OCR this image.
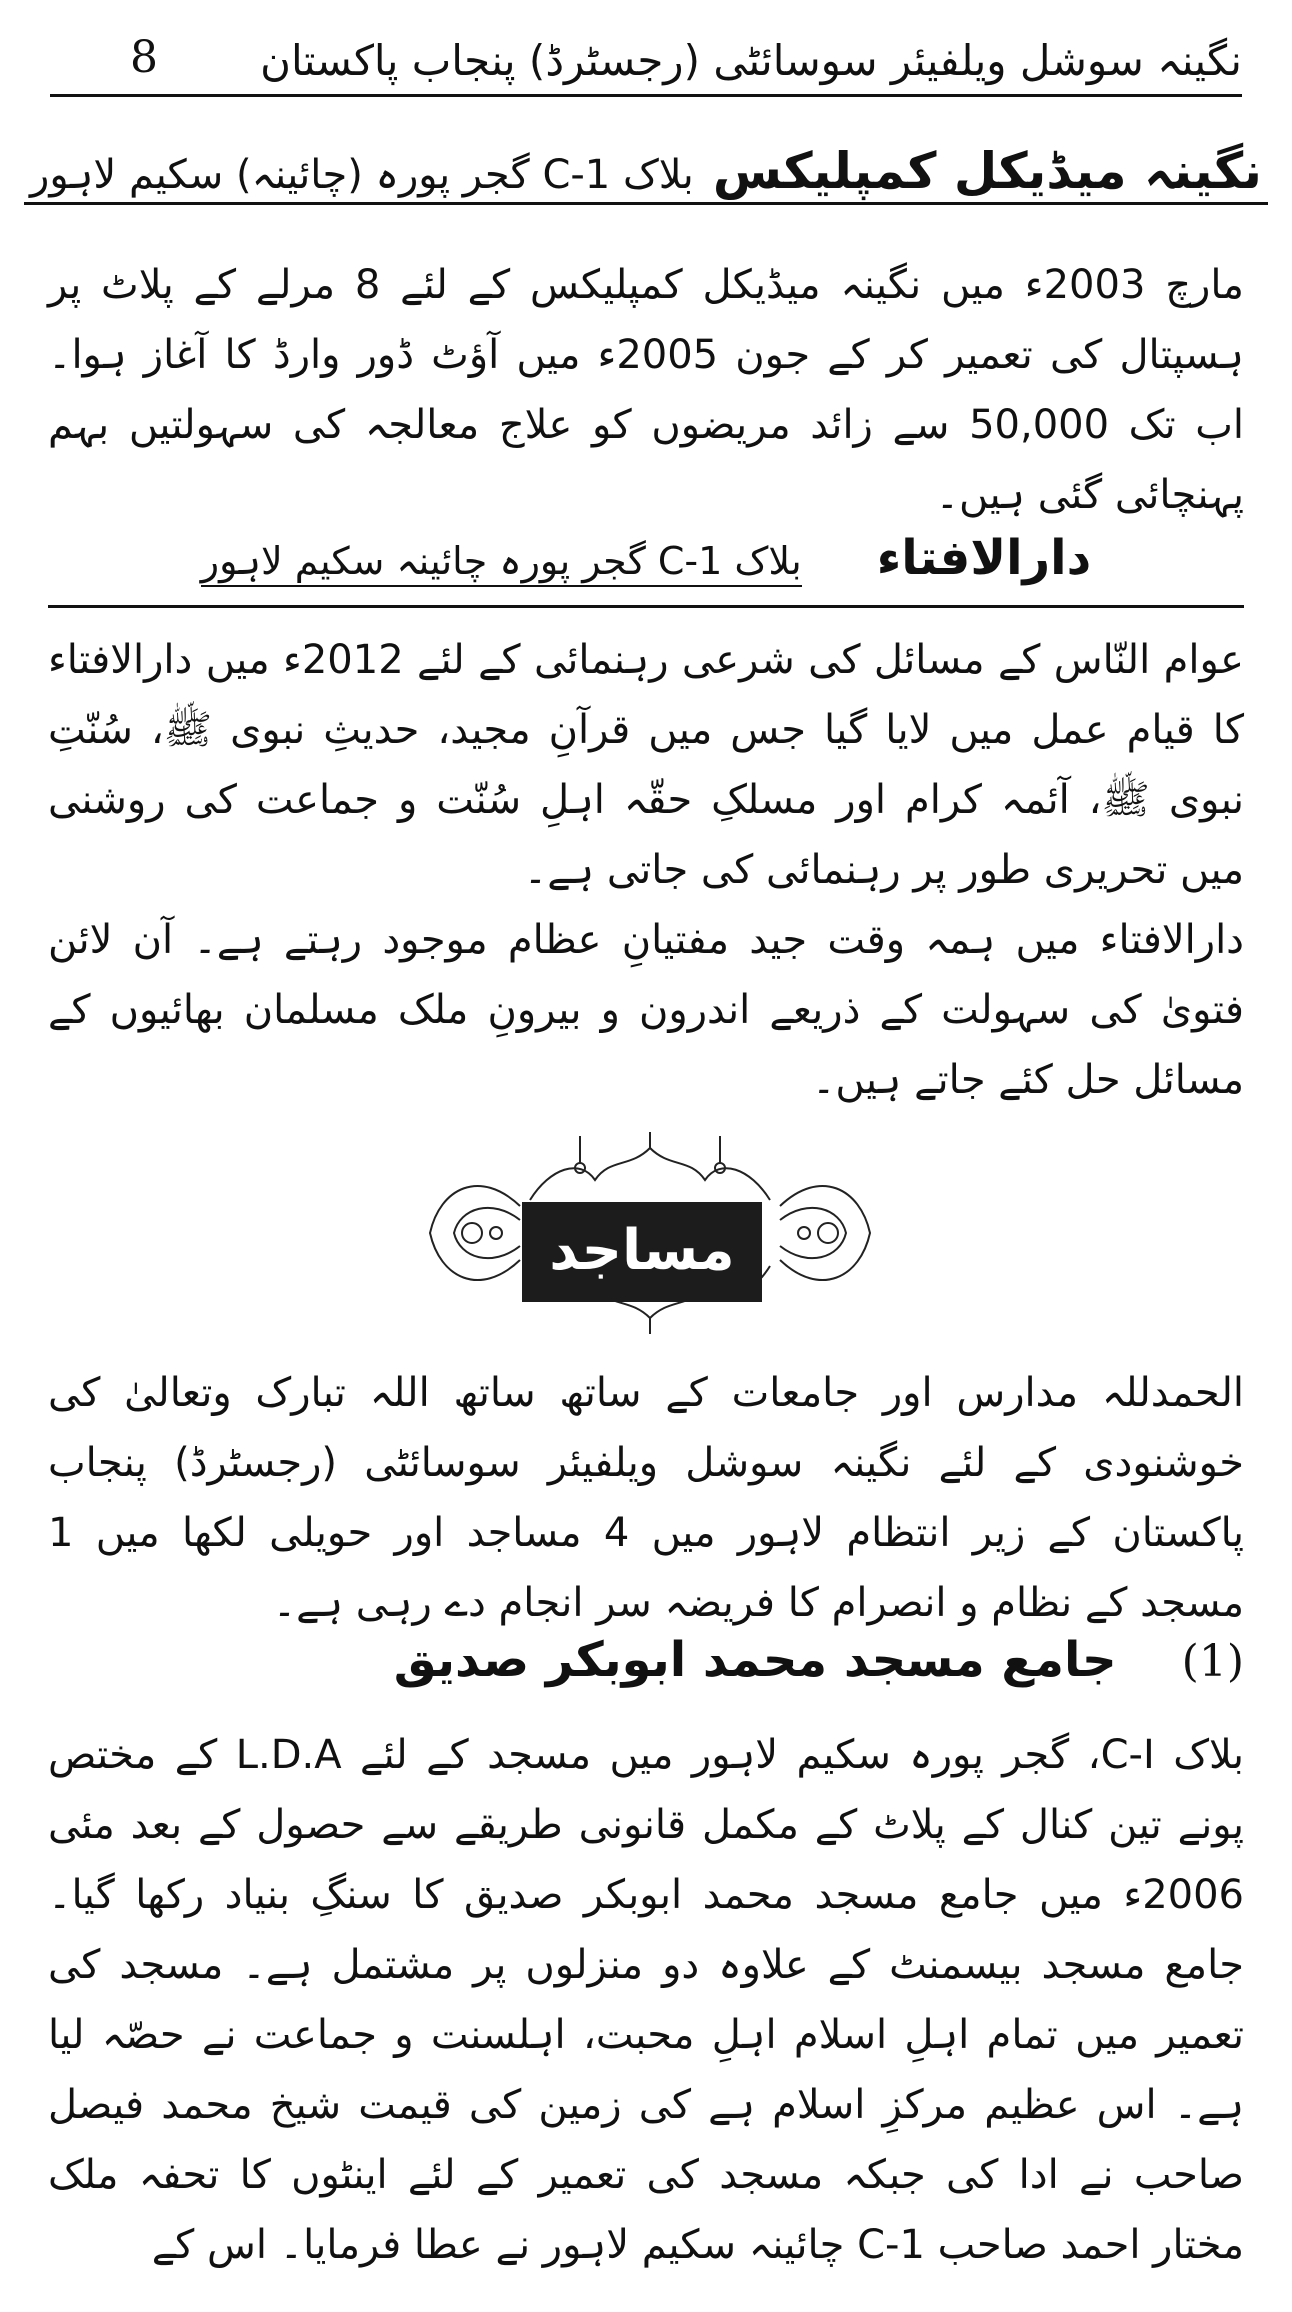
نگینہ سوشل ویلفیئر سوسائٹی (رجسٹرڈ) پنجاب پاکستان
8
نگینہ میڈیکل کمپلیکس بلاک C-1 گجر پورہ (چائینہ) سکیم لاہور
مارچ 2003ء میں نگینہ میڈیکل کمپلیکس کے لئے 8 مرلے کے پلاٹ پر ہسپتال کی تعمیر کر کے جون 2005ء میں آؤٹ ڈور وارڈ کا آغاز ہوا۔ اب تک 50,000 سے زائد مریضوں کو علاج معالجہ کی سہولتیں بہم پہنچائی گئی ہیں۔
دارالافتاء بلاک C-1 گجر پورہ چائینہ سکیم لاہور
عوام النّاس کے مسائل کی شرعی رہنمائی کے لئے 2012ء میں دارالافتاء کا قیام عمل میں لایا گیا جس میں قرآنِ مجید، حدیثِ نبوی ﷺ، سُنّتِ نبوی ﷺ، آئمہ کرام اور مسلکِ حقّہ اہلِ سُنّت و جماعت کی روشنی میں تحریری طور پر رہنمائی کی جاتی ہے۔
دارالافتاء میں ہمہ وقت جید مفتیانِ عظام موجود رہتے ہے۔ آن لائن فتویٰ کی سہولت کے ذریعے اندرون و بیرونِ ملک مسلمان بھائیوں کے مسائل حل کئے جاتے ہیں۔
مساجد
الحمدللہ مدارس اور جامعات کے ساتھ ساتھ اللہ تبارک وتعالیٰ کی خوشنودی کے لئے نگینہ سوشل ویلفیئر سوسائٹی (رجسٹرڈ) پنجاب پاکستان کے زیر انتظام لاہور میں 4 مساجد اور حویلی لکھا میں 1 مسجد کے نظام و انصرام کا فریضہ سر انجام دے رہی ہے۔
(1) جامع مسجد محمد ابوبکر صدیق
بلاک C-I، گجر پورہ سکیم لاہور میں مسجد کے لئے L.D.A کے مختص پونے تین کنال کے پلاٹ کے مکمل قانونی طریقے سے حصول کے بعد مئی 2006ء میں جامع مسجد محمد ابوبکر صدیق کا سنگِ بنیاد رکھا گیا۔ جامع مسجد بیسمنٹ کے علاوہ دو منزلوں پر مشتمل ہے۔ مسجد کی تعمیر میں تمام اہلِ اسلام اہلِ محبت، اہلسنت و جماعت نے حصّہ لیا ہے۔ اس عظیم مرکزِ اسلام ہے کی زمین کی قیمت شیخ محمد فیصل صاحب نے ادا کی جبکہ مسجد کی تعمیر کے لئے اینٹوں کا تحفہ ملک مختار احمد صاحب C-1 چائینہ سکیم لاہور نے عطا فرمایا۔ اس کے
